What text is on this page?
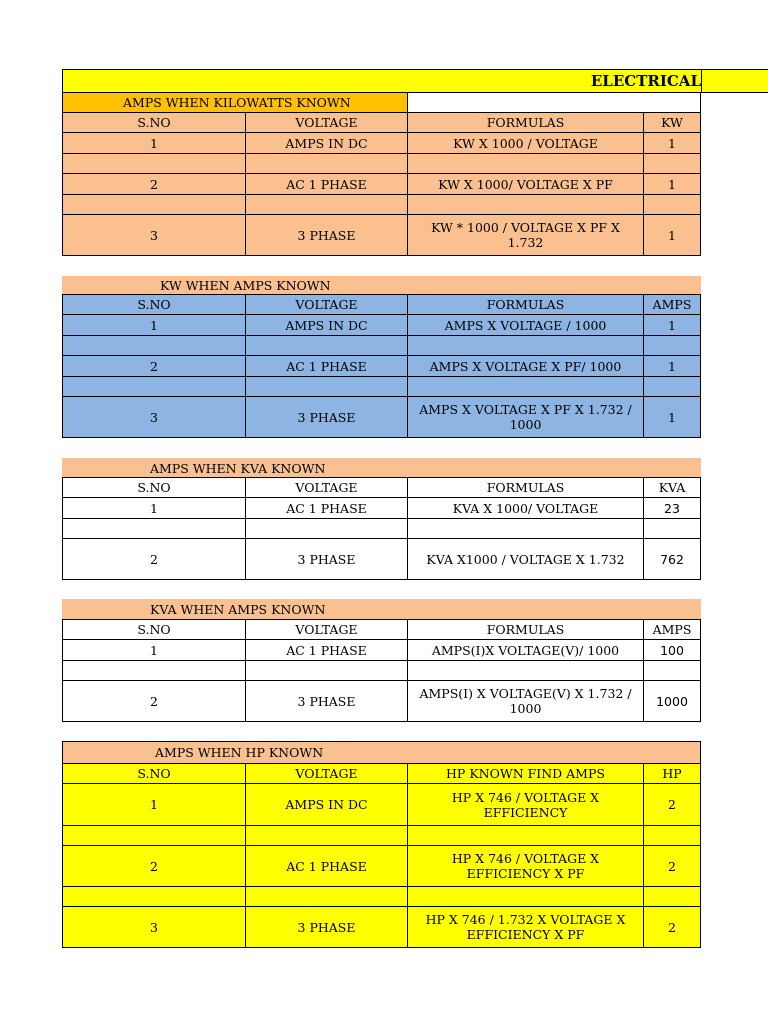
ELECTRICAL
AMPS WHEN KILOWATTS KNOWN
S.NO	VOLTAGE	FORMULAS	KW
1	AMPS IN DC	KW X 1000 / VOLTAGE	1
2	AC 1 PHASE	KW X 1000/ VOLTAGE X PF	1
3	3 PHASE	KW * 1000 / VOLTAGE X PF X 1.732	1
KW WHEN AMPS KNOWN
S.NO	VOLTAGE	FORMULAS	AMPS
1	AMPS IN DC	AMPS X VOLTAGE / 1000	1
2	AC 1 PHASE	AMPS X VOLTAGE X PF/ 1000	1
3	3 PHASE	AMPS X VOLTAGE X PF X 1.732 / 1000	1
AMPS WHEN KVA KNOWN
S.NO	VOLTAGE	FORMULAS	KVA
1	AC 1 PHASE	KVA X 1000/ VOLTAGE	23
2	3 PHASE	KVA X1000 / VOLTAGE X 1.732	762
KVA WHEN AMPS KNOWN
S.NO	VOLTAGE	FORMULAS	AMPS
1	AC 1 PHASE	AMPS(I)X VOLTAGE(V)/ 1000	100
2	3 PHASE	AMPS(I) X VOLTAGE(V) X 1.732 / 1000	1000
AMPS WHEN HP KNOWN
S.NO	VOLTAGE	HP KNOWN FIND AMPS	HP
1	AMPS IN DC	HP X 746 / VOLTAGE X EFFICIENCY	2
2	AC 1 PHASE	HP X 746 / VOLTAGE X EFFICIENCY X PF	2
3	3 PHASE	HP X 746 / 1.732 X VOLTAGE X EFFICIENCY X PF	2
